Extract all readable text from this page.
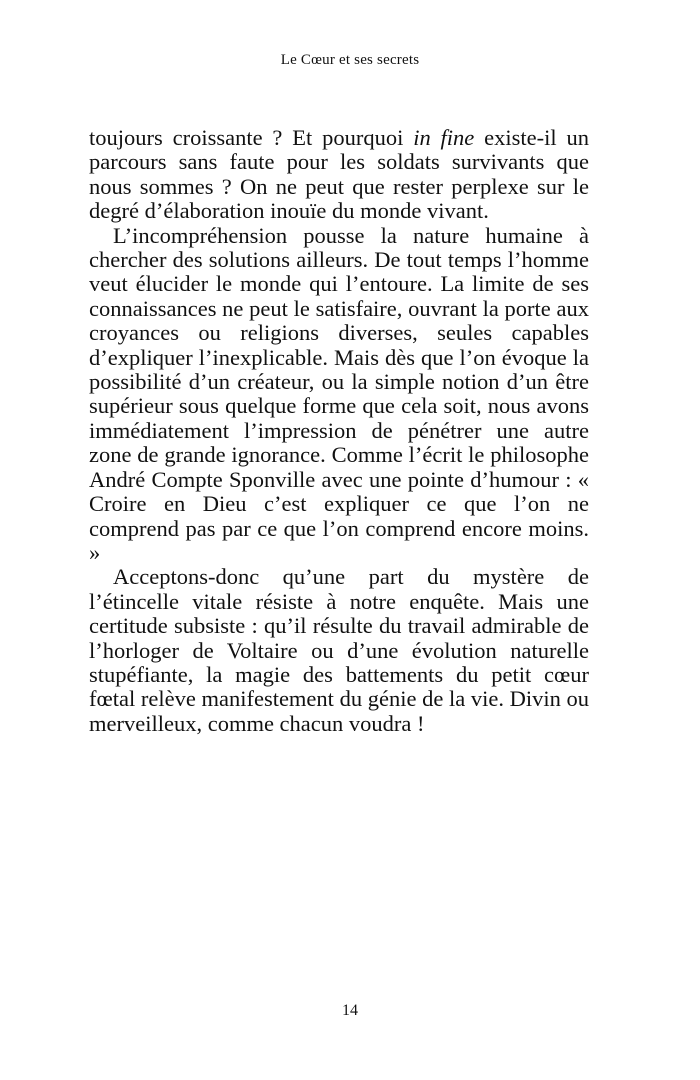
Le Cœur et ses secrets

toujours croissante ? Et pourquoi in fine existe-il un parcours sans faute pour les soldats survivants que nous sommes ? On ne peut que rester perplexe sur le degré d’élaboration inouïe du monde vivant.

L’incompréhension pousse la nature humaine à chercher des solutions ailleurs. De tout temps l’homme veut élucider le monde qui l’entoure. La limite de ses connaissances ne peut le satisfaire, ouvrant la porte aux croyances ou religions diverses, seules capables d’expliquer l’inexplicable. Mais dès que l’on évoque la possibilité d’un créateur, ou la simple notion d’un être supérieur sous quelque forme que cela soit, nous avons immédiatement l’impression de pénétrer une autre zone de grande ignorance. Comme l’écrit le philosophe André Compte Sponville avec une pointe d’humour : « Croire en Dieu c’est expliquer ce que l’on ne comprend pas par ce que l’on comprend encore moins. »

Acceptons-donc qu’une part du mystère de l’étincelle vitale résiste à notre enquête. Mais une certitude subsiste : qu’il résulte du travail admirable de l’horloger de Voltaire ou d’une évolution naturelle stupéfiante, la magie des battements du petit cœur fœtal relève manifestement du génie de la vie. Divin ou merveilleux, comme chacun voudra !

14
